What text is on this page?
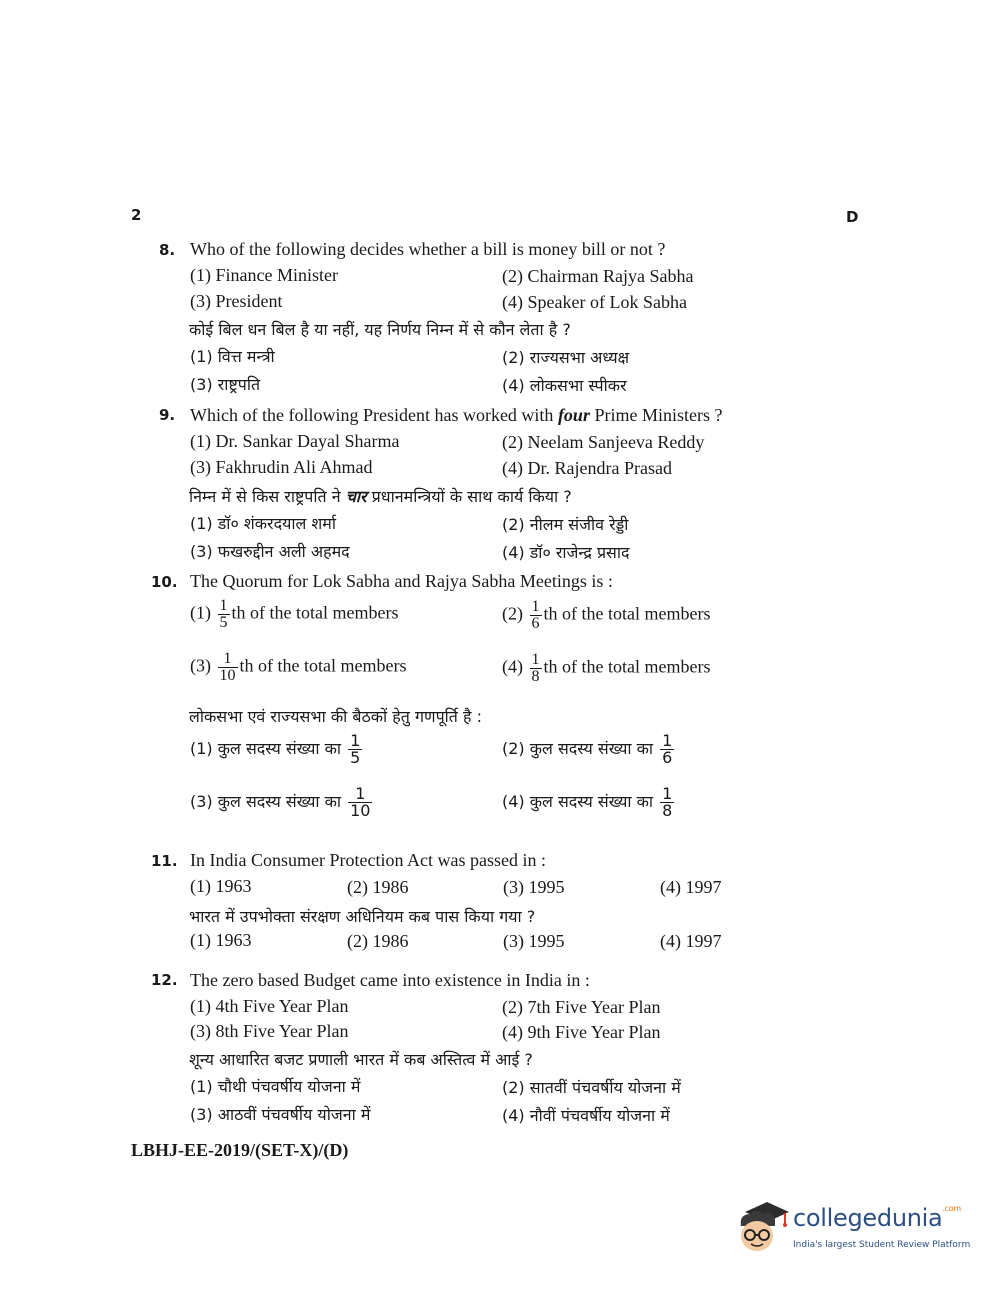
2	D
8. Who of the following decides whether a bill is money bill or not ?
(1) Finance Minister	(2) Chairman Rajya Sabha
(3) President	(4) Speaker of Lok Sabha
कोई बिल धन बिल है या नहीं, यह निर्णय निम्न में से कौन लेता है ?
(1) वित्त मन्त्री	(2) राज्यसभा अध्यक्ष
(3) राष्ट्रपति	(4) लोकसभा स्पीकर
9. Which of the following President has worked with four Prime Ministers ?
(1) Dr. Sankar Dayal Sharma	(2) Neelam Sanjeeva Reddy
(3) Fakhrudin Ali Ahmad	(4) Dr. Rajendra Prasad
निम्न में से किस राष्ट्रपति ने चार प्रधानमन्त्रियों के साथ कार्य किया ?
(1) डॉ० शंकरदयाल शर्मा	(2) नीलम संजीव रेड्डी
(3) फखरुद्दीन अली अहमद	(4) डॉ० राजेन्द्र प्रसाद
10. The Quorum for Lok Sabha and Rajya Sabha Meetings is :
$(1) \frac{1}{5}$ th of the total members	$(2) \frac{1}{6}$ th of the total members
$(3) \frac{1}{10}$ th of the total members	$(4) \frac{1}{8}$ th of the total members
लोकसभा एवं राज्यसभा की बैठकों हेतु गणपूर्ति है :
(1) कुल सदस्य संख्या का $\frac{1}{5}$	(2) कुल सदस्य संख्या का $\frac{1}{6}$
(3) कुल सदस्य संख्या का $\frac{1}{10}$	(4) कुल सदस्य संख्या का $\frac{1}{8}$
11. In India Consumer Protection Act was passed in :
(1) 1963	(2) 1986	(3) 1995	(4) 1997
भारत में उपभोक्ता संरक्षण अधिनियम कब पास किया गया ?
(1) 1963	(2) 1986	(3) 1995	(4) 1997
12. The zero based Budget came into existence in India in :
(1) 4th Five Year Plan	(2) 7th Five Year Plan
(3) 8th Five Year Plan	(4) 9th Five Year Plan
शून्य आधारित बजट प्रणाली भारत में कब अस्तित्व में आई ?
(1) चौथी पंचवर्षीय योजना में	(2) सातवीं पंचवर्षीय योजना में
(3) आठवीं पंचवर्षीय योजना में	(4) नौवीं पंचवर्षीय योजना में
LBHJ-EE-2019/(SET-X)/(D)
collegedunia$^{.com}$
India's largest Student Review Platform
